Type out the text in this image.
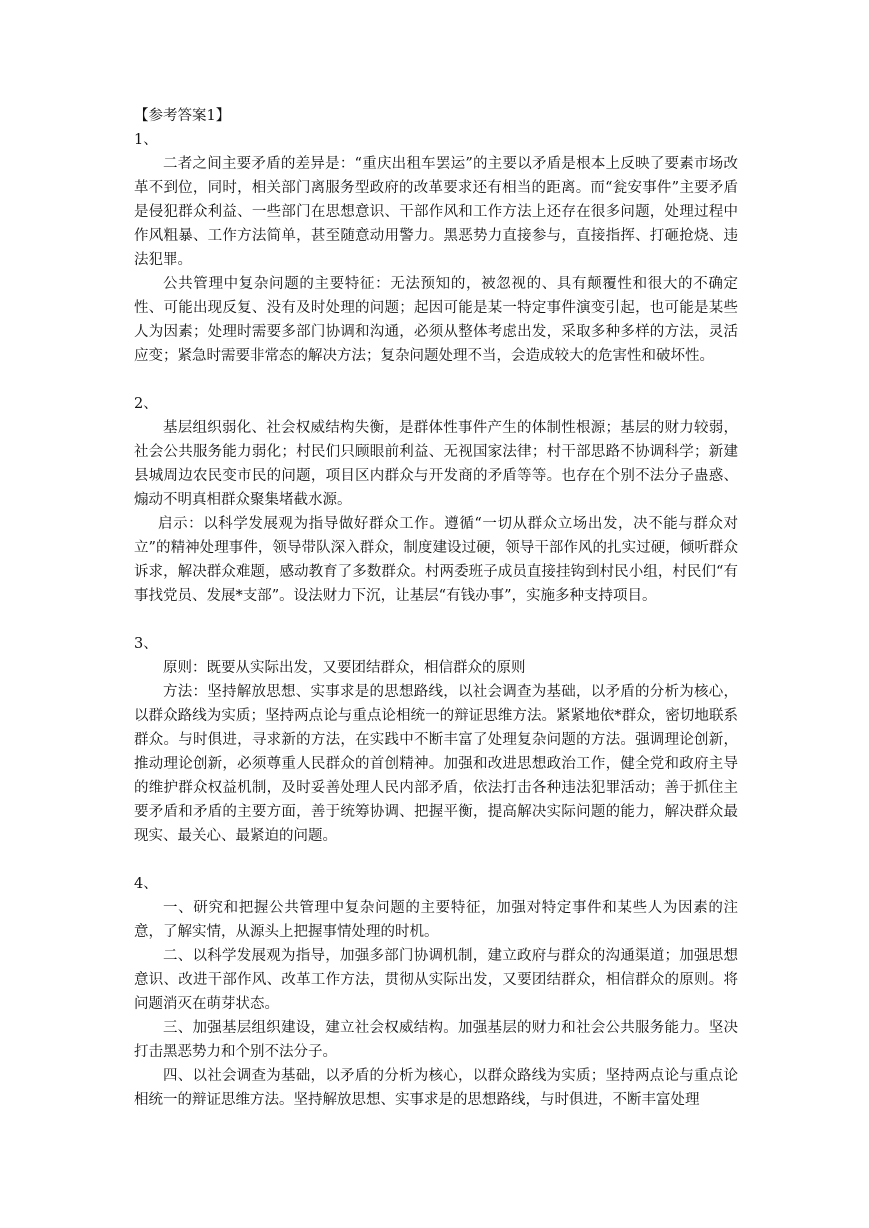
【参考答案1】

1、

二者之间主要矛盾的差异是：“重庆出租车罢运”的主要以矛盾是根本上反映了要素市场改革不到位，同时，相关部门离服务型政府的改革要求还有相当的距离。而“瓮安事件”主要矛盾是侵犯群众利益、一些部门在思想意识、干部作风和工作方法上还存在很多问题，处理过程中作风粗暴、工作方法简单，甚至随意动用警力。黑恶势力直接参与，直接指挥、打砸抢烧、违法犯罪。

公共管理中复杂问题的主要特征：无法预知的，被忽视的、具有颠覆性和很大的不确定性、可能出现反复、没有及时处理的问题；起因可能是某一特定事件演变引起，也可能是某些人为因素；处理时需要多部门协调和沟通，必须从整体考虑出发，采取多种多样的方法，灵活应变；紧急时需要非常态的解决方法；复杂问题处理不当，会造成较大的危害性和破坏性。

2、

基层组织弱化、社会权威结构失衡，是群体性事件产生的体制性根源；基层的财力较弱，社会公共服务能力弱化；村民们只顾眼前利益、无视国家法律；村干部思路不协调科学；新建县城周边农民变市民的问题，项目区内群众与开发商的矛盾等等。也存在个别不法分子蛊惑、煽动不明真相群众聚集堵截水源。

启示：以科学发展观为指导做好群众工作。遵循“一切从群众立场出发，决不能与群众对立”的精神处理事件，领导带队深入群众，制度建设过硬，领导干部作风的扎实过硬，倾听群众诉求，解决群众难题，感动教育了多数群众。村两委班子成员直接挂钩到村民小组，村民们“有事找党员、发展*支部”。设法财力下沉，让基层“有钱办事”，实施多种支持项目。

3、

原则：既要从实际出发，又要团结群众，相信群众的原则

方法：坚持解放思想、实事求是的思想路线，以社会调查为基础，以矛盾的分析为核心，以群众路线为实质；坚持两点论与重点论相统一的辩证思维方法。紧紧地依*群众，密切地联系群众。与时俱进，寻求新的方法，在实践中不断丰富了处理复杂问题的方法。强调理论创新，推动理论创新，必须尊重人民群众的首创精神。加强和改进思想政治工作，健全党和政府主导的维护群众权益机制，及时妥善处理人民内部矛盾，依法打击各种违法犯罪活动；善于抓住主要矛盾和矛盾的主要方面，善于统筹协调、把握平衡，提高解决实际问题的能力，解决群众最现实、最关心、最紧迫的问题。

4、

一、研究和把握公共管理中复杂问题的主要特征，加强对特定事件和某些人为因素的注意，了解实情，从源头上把握事情处理的时机。

二、以科学发展观为指导，加强多部门协调机制，建立政府与群众的沟通渠道；加强思想意识、改进干部作风、改革工作方法，贯彻从实际出发，又要团结群众，相信群众的原则。将问题消灭在萌芽状态。

三、加强基层组织建设，建立社会权威结构。加强基层的财力和社会公共服务能力。坚决打击黑恶势力和个别不法分子。

四、以社会调查为基础，以矛盾的分析为核心，以群众路线为实质；坚持两点论与重点论相统一的辩证思维方法。坚持解放思想、实事求是的思想路线，与时俱进，不断丰富处理
